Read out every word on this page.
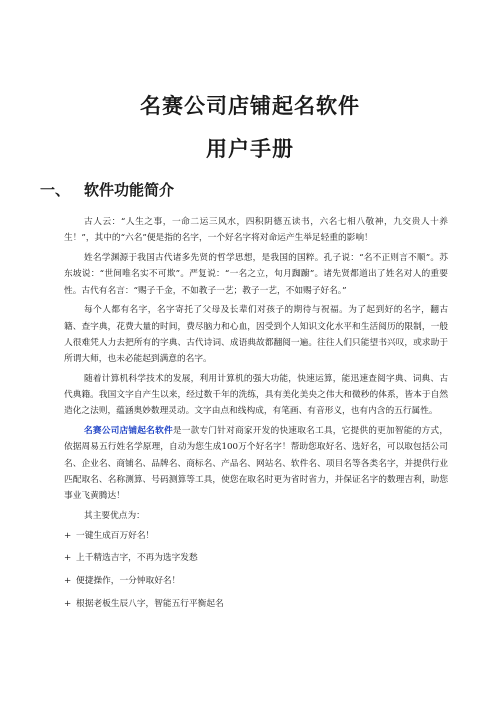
名赛公司店铺起名软件
用户手册
一、 软件功能简介

古人云：“人生之事，一命二运三风水，四积阴德五读书，六名七相八敬神，九交贵人十养生！”，其中的“六名”便是指的名字，一个好名字将对命运产生举足轻重的影响！

姓名学渊源于我国古代诸多先贤的哲学思想，是我国的国粹。孔子说：“名不正则言不顺”。苏东坡说：“世间唯名实不可欺”。严复说：“一名之立，旬月踟躕”。诸先贤都道出了姓名对人的重要性。古代有名言：“赐子千金，不如教子一艺；教子一艺，不如赐子好名。”

每个人都有名字，名字寄托了父母及长辈们对孩子的期待与祝福。为了起到好的名字，翻古籍、查字典，花费大量的时间，费尽脑力和心血，因受到个人知识文化水平和生活阅历的限制，一般人很难凭人力去把所有的字典、古代诗词、成语典故都翻阅一遍。往往人们只能望书兴叹，或求助于所谓大师，也未必能起到满意的名字。

随着计算机科学技术的发展，利用计算机的强大功能，快速运算，能迅速查阅字典、词典、古代典籍。我国文字自产生以来，经过数千年的洗练，具有美化美央之伟大和微秒的体系，皆本于自然造化之法则，蕴涵奥妙数理灵动。文字由点和线构成，有笔画、有音形义，也有内含的五行属性。

名赛公司店铺起名软件是一款专门针对商家开发的快速取名工具，它提供的更加智能的方式，依据周易五行姓名学原理，自动为您生成100万个好名字！帮助您取好名、选好名，可以取包括公司名、企业名、商铺名、品牌名、商标名、产品名、网站名、软件名、项目名等各类名字，并提供行业匹配取名、名称测算、号码测算等工具，使您在取名时更为省时省力，并保证名字的数理吉利，助您事业飞黄腾达！

其主要优点为：

+ 一键生成百万好名！
+ 上千精选吉字，不再为选字发愁
+ 便捷操作，一分钟取好名！
+ 根据老板生辰八字，智能五行平衡起名
